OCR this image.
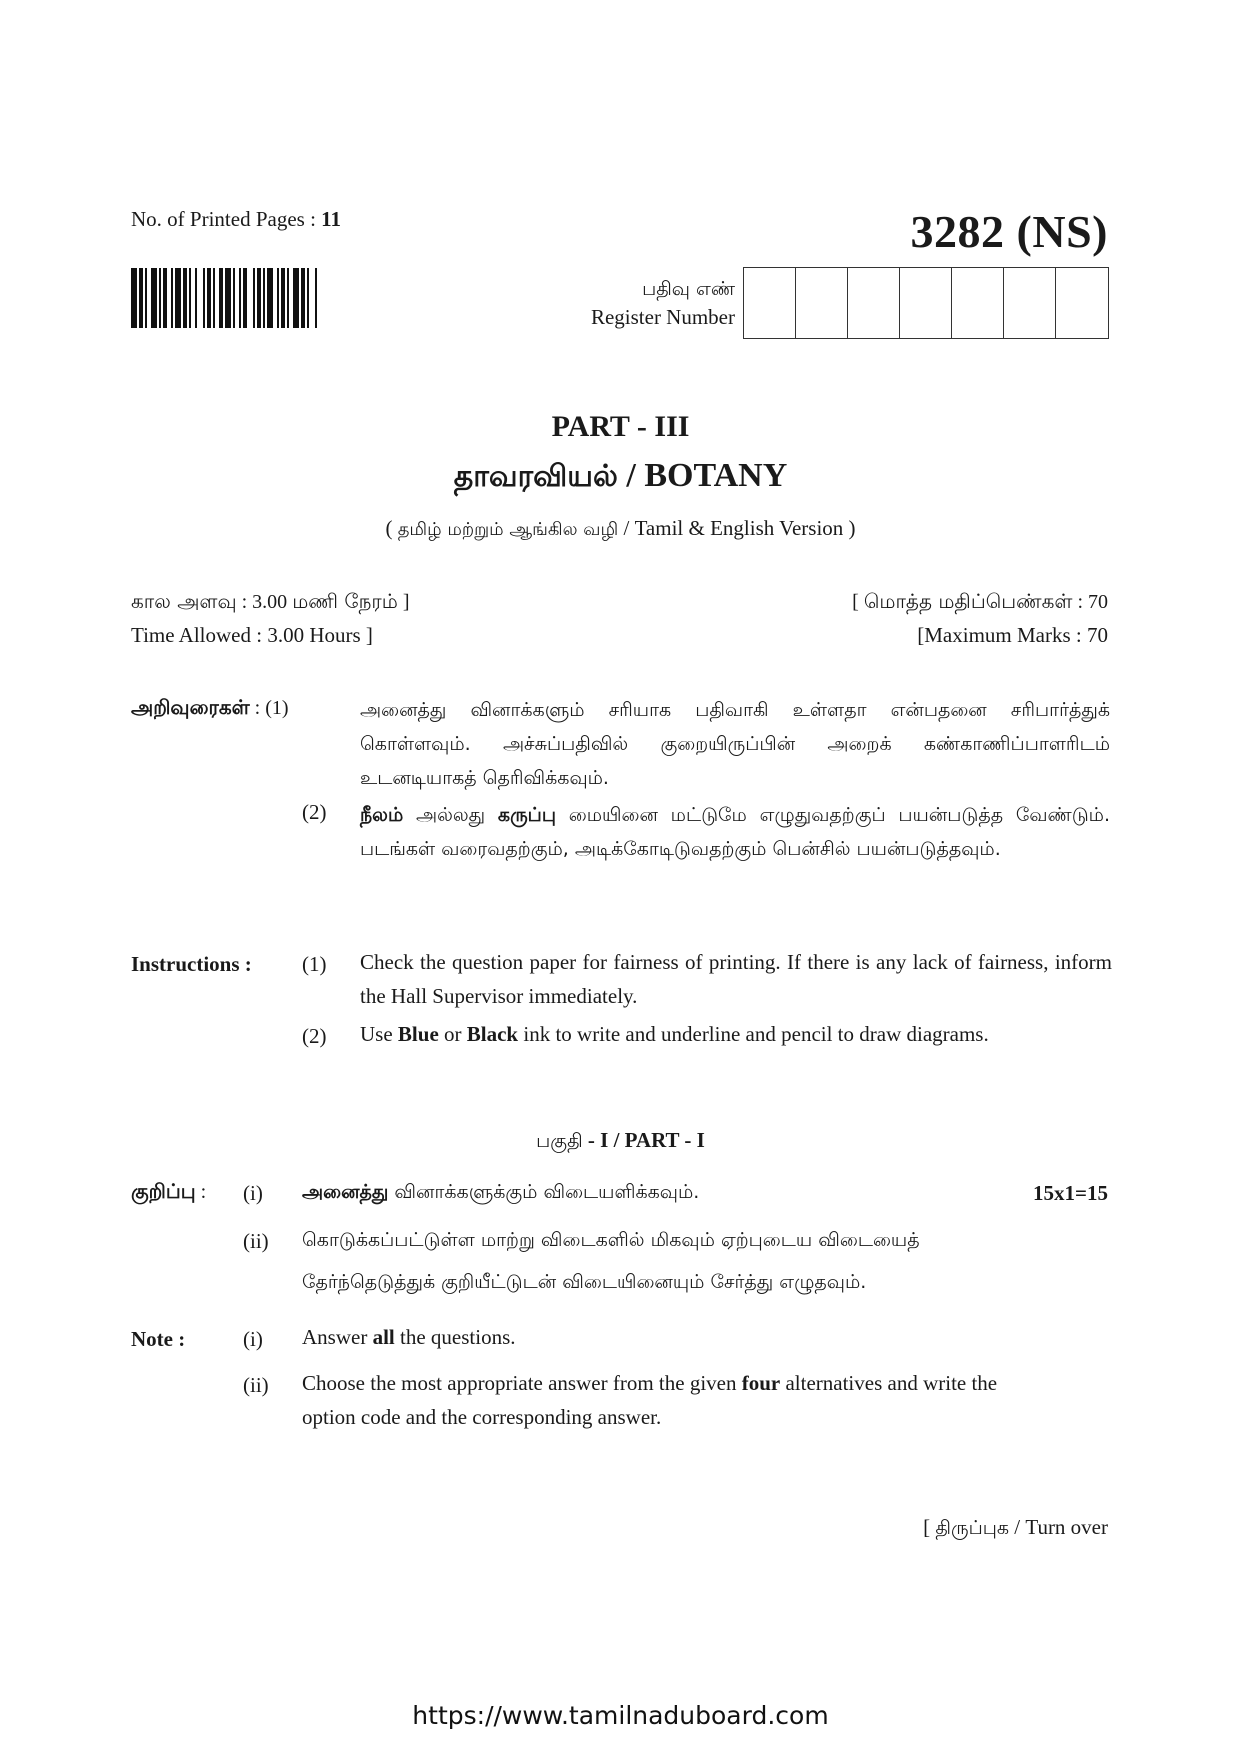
No. of Printed Pages : 11	3282 (NS)
பதிவு எண்
Register Number
PART - III
தாவரவியல் / BOTANY
( தமிழ் மற்றும் ஆங்கில வழி / Tamil & English Version )
கால அளவு : 3.00 மணி நேரம் ]
Time Allowed : 3.00 Hours ]
[ மொத்த மதிப்பெண்கள் : 70
[Maximum Marks : 70
அறிவுரைகள் : (1)	அனைத்து வினாக்களும் சரியாக பதிவாகி உள்ளதா என்பதனை சரிபார்த்துக் கொள்ளவும். அச்சுப்பதிவில் குறையிருப்பின் அறைக் கண்காணிப்பாளரிடம் உடனடியாகத் தெரிவிக்கவும்.
(2) நீலம் அல்லது கருப்பு மையினை மட்டுமே எழுதுவதற்குப் பயன்படுத்த வேண்டும். படங்கள் வரைவதற்கும், அடிக்கோடிடுவதற்கும் பென்சில் பயன்படுத்தவும்.
Instructions : (1) Check the question paper for fairness of printing. If there is any lack of fairness, inform the Hall Supervisor immediately.
(2) Use Blue or Black ink to write and underline and pencil to draw diagrams.
பகுதி - I / PART - I
குறிப்பு : (i) அனைத்து வினாக்களுக்கும் விடையளிக்கவும்.	15x1=15
(ii) கொடுக்கப்பட்டுள்ள மாற்று விடைகளில் மிகவும் ஏற்புடைய விடையைத்
தேர்ந்தெடுத்துக் குறியீட்டுடன் விடையினையும் சேர்த்து எழுதவும்.
Note :	(i) Answer all the questions.
(ii) Choose the most appropriate answer from the given four alternatives and write the option code and the corresponding answer.
[ திருப்புக / Turn over
https://www.tamilnaduboard.com
